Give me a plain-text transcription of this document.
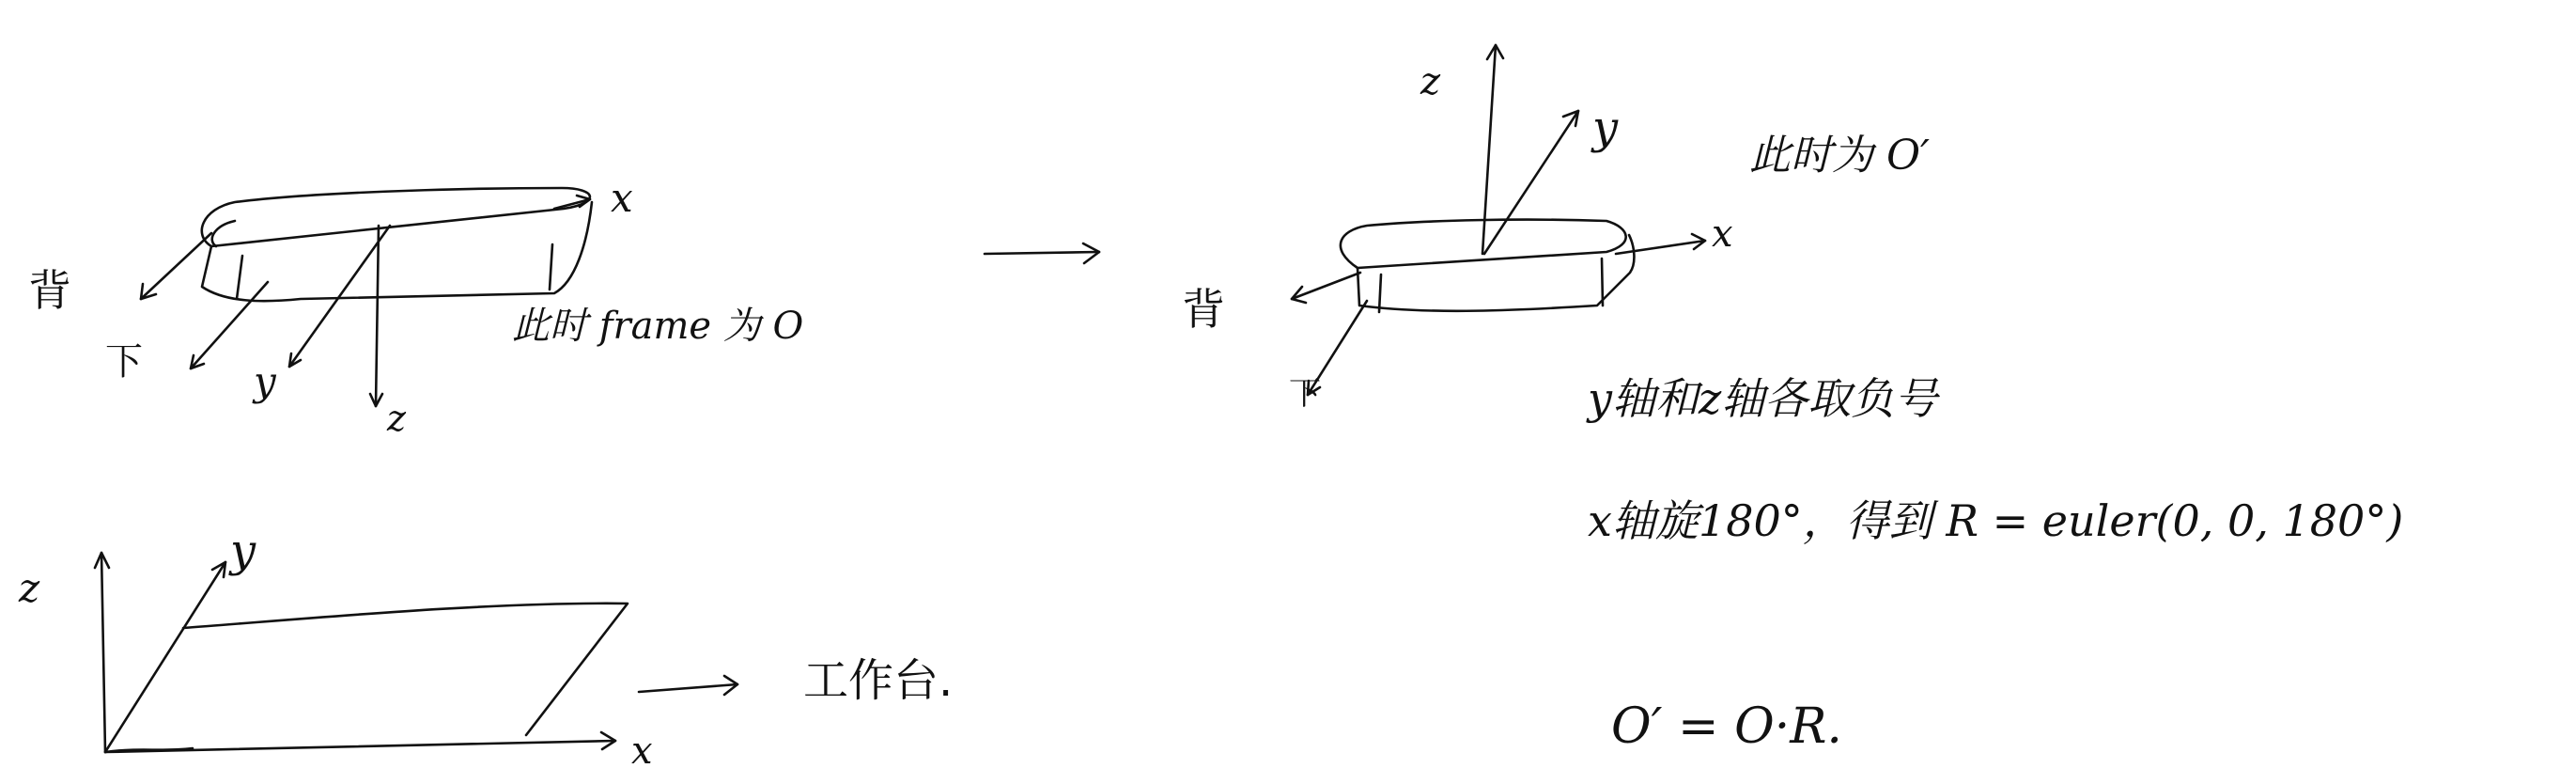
背
下	y
z
x
此时 frame 为 O
z
y
x
背
下
此时为 O′
y轴和z轴各取负号
x轴旋180°，得到 R = euler(0, 0, 180°)
O′ = O·R.
z
y
x
工作台.
